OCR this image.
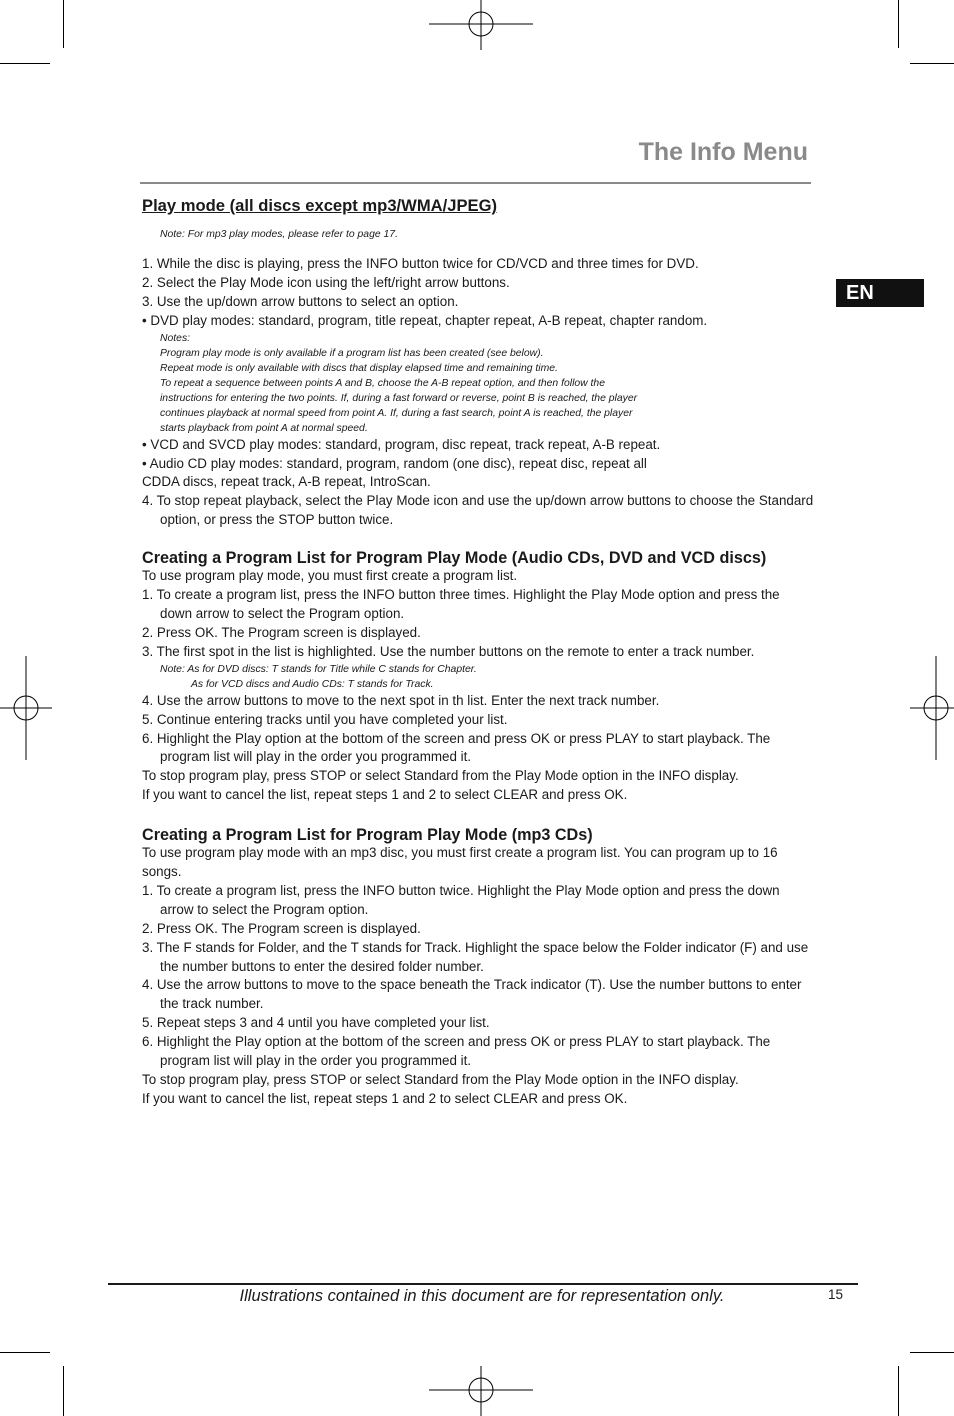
The Info Menu
EN
Play mode (all discs except mp3/WMA/JPEG)

Note: For mp3 play modes, please refer to page 17.

1. While the disc is playing, press the INFO button twice for CD/VCD and three times for DVD.

2. Select the Play Mode icon using the left/right arrow buttons.

3. Use the up/down arrow buttons to select an option.

• DVD play modes: standard, program, title repeat, chapter repeat, A-B repeat, chapter random.

Notes:

Program play mode is only available if a program list has been created (see below).

Repeat mode is only available with discs that display elapsed time and remaining time.

To repeat a sequence between points A and B, choose the A-B repeat option, and then follow the

instructions for entering the two points. If, during a fast forward or reverse, point B is reached, the player

continues playback at normal speed from point A. If, during a fast search, point A is reached, the player

starts playback from point A at normal speed.

• VCD and SVCD play modes: standard, program, disc repeat, track repeat, A-B repeat.

• Audio CD play modes: standard, program, random (one disc), repeat disc, repeat all

CDDA discs, repeat track, A-B repeat, IntroScan.

4. To stop repeat playback, select the Play Mode icon and use the up/down arrow buttons to choose the Standard option, or press the STOP button twice.

Creating a Program List for Program Play Mode (Audio CDs, DVD and VCD discs)

To use program play mode, you must first create a program list.

1. To create a program list, press the INFO button three times. Highlight the Play Mode option and press the down arrow to select the Program option.

2. Press OK. The Program screen is displayed.

3. The first spot in the list is highlighted. Use the number buttons on the remote to enter a track number.

Note: As for DVD discs: T stands for Title while C stands for Chapter.

As for VCD discs and Audio CDs: T stands for Track.

4. Use the arrow buttons to move to the next spot in th list. Enter the next track number.

5. Continue entering tracks until you have completed your list.

6. Highlight the Play option at the bottom of the screen and press OK or press PLAY to start playback. The program list will play in the order you programmed it.

To stop program play, press STOP or select Standard from the Play Mode option in the INFO display.

If you want to cancel the list, repeat steps 1 and 2 to select CLEAR and press OK.

Creating a Program List for Program Play Mode (mp3 CDs)

To use program play mode with an mp3 disc, you must first create a program list. You can program up to 16 songs.

1. To create a program list, press the INFO button twice. Highlight the Play Mode option and press the down arrow to select the Program option.

2. Press OK. The Program screen is displayed.

3. The F stands for Folder, and the T stands for Track. Highlight the space below the Folder indicator (F) and use the number buttons to enter the desired folder number.

4. Use the arrow buttons to move to the space beneath the Track indicator (T). Use the number buttons to enter the track number.

5. Repeat steps 3 and 4 until you have completed your list.

6. Highlight the Play option at the bottom of the screen and press OK or press PLAY to start playback. The program list will play in the order you programmed it.

To stop program play, press STOP or select Standard from the Play Mode option in the INFO display.

If you want to cancel the list, repeat steps 1 and 2 to select CLEAR and press OK.

Illustrations contained in this document are for representation only.	15
